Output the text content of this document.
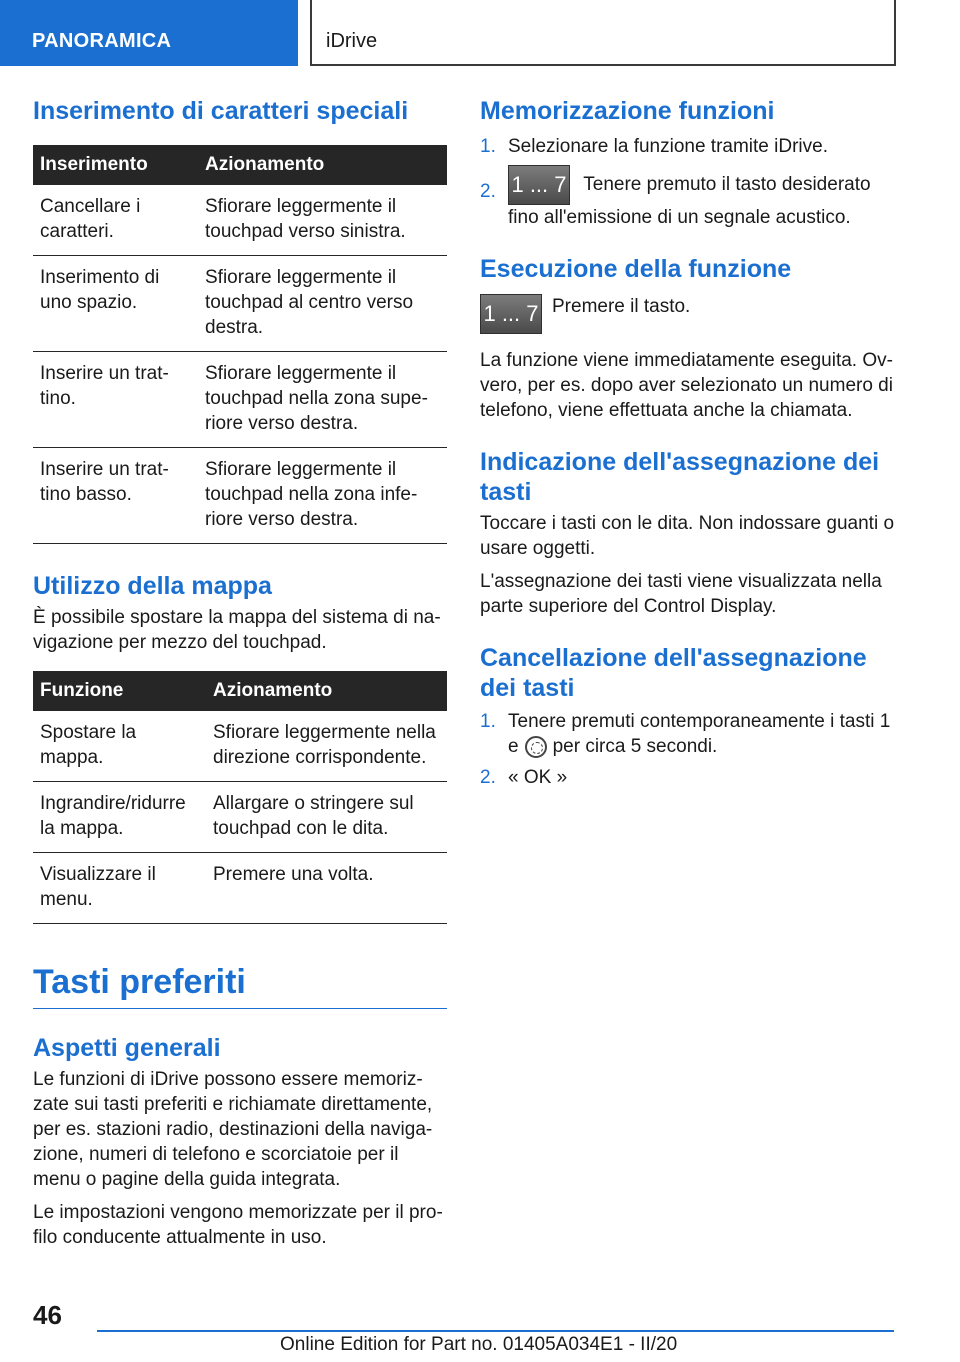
PANORAMICA	iDrive
Inserimento di caratteri speciali
Inserimento	Azionamento
Cancellare i caratteri.	Sfiorare leggermente il touchpad verso sinistra.
Inserimento di uno spazio.	Sfiorare leggermente il touchpad al centro verso destra.
Inserire un trattino.	Sfiorare leggermente il touchpad nella zona superiore verso destra.
Inserire un trattino basso.	Sfiorare leggermente il touchpad nella zona inferiore verso destra.
Utilizzo della mappa

È possibile spostare la mappa del sistema di navigazione per mezzo del touchpad.

Funzione	Azionamento
Spostare la mappa.	Sfiorare leggermente nella direzione corrispondente.
Ingrandire/ridurre la mappa.	Allargare o stringere sul touchpad con le dita.
Visualizzare il menu.	Premere una volta.
Tasti preferiti
Aspetti generali

Le funzioni di iDrive possono essere memorizzate sui tasti preferiti e richiamate direttamente, per es. stazioni radio, destinazioni della navigazione, numeri di telefono e scorciatoie per il menu o pagine della guida integrata.

Le impostazioni vengono memorizzate per il profilo conducente attualmente in uso.

Memorizzazione funzioni
1. Selezionare la funzione tramite iDrive.
2. 1 ... 7 Tenere premuto il tasto desiderato fino all'emissione di un segnale acustico.
Esecuzione della funzione
1 ... 7 Premere il tasto.

La funzione viene immediatamente eseguita. Ovvero, per es. dopo aver selezionato un numero di telefono, viene effettuata anche la chiamata.

Indicazione dell'assegnazione dei tasti

Toccare i tasti con le dita. Non indossare guanti o usare oggetti.

L'assegnazione dei tasti viene visualizzata nella parte superiore del Control Display.

Cancellazione dell'assegnazione dei tasti
1. Tenere premuti contemporaneamente i tasti 1 e per circa 5 secondi.
2. « OK »
46
Online Edition for Part no. 01405A034E1 - II/20
